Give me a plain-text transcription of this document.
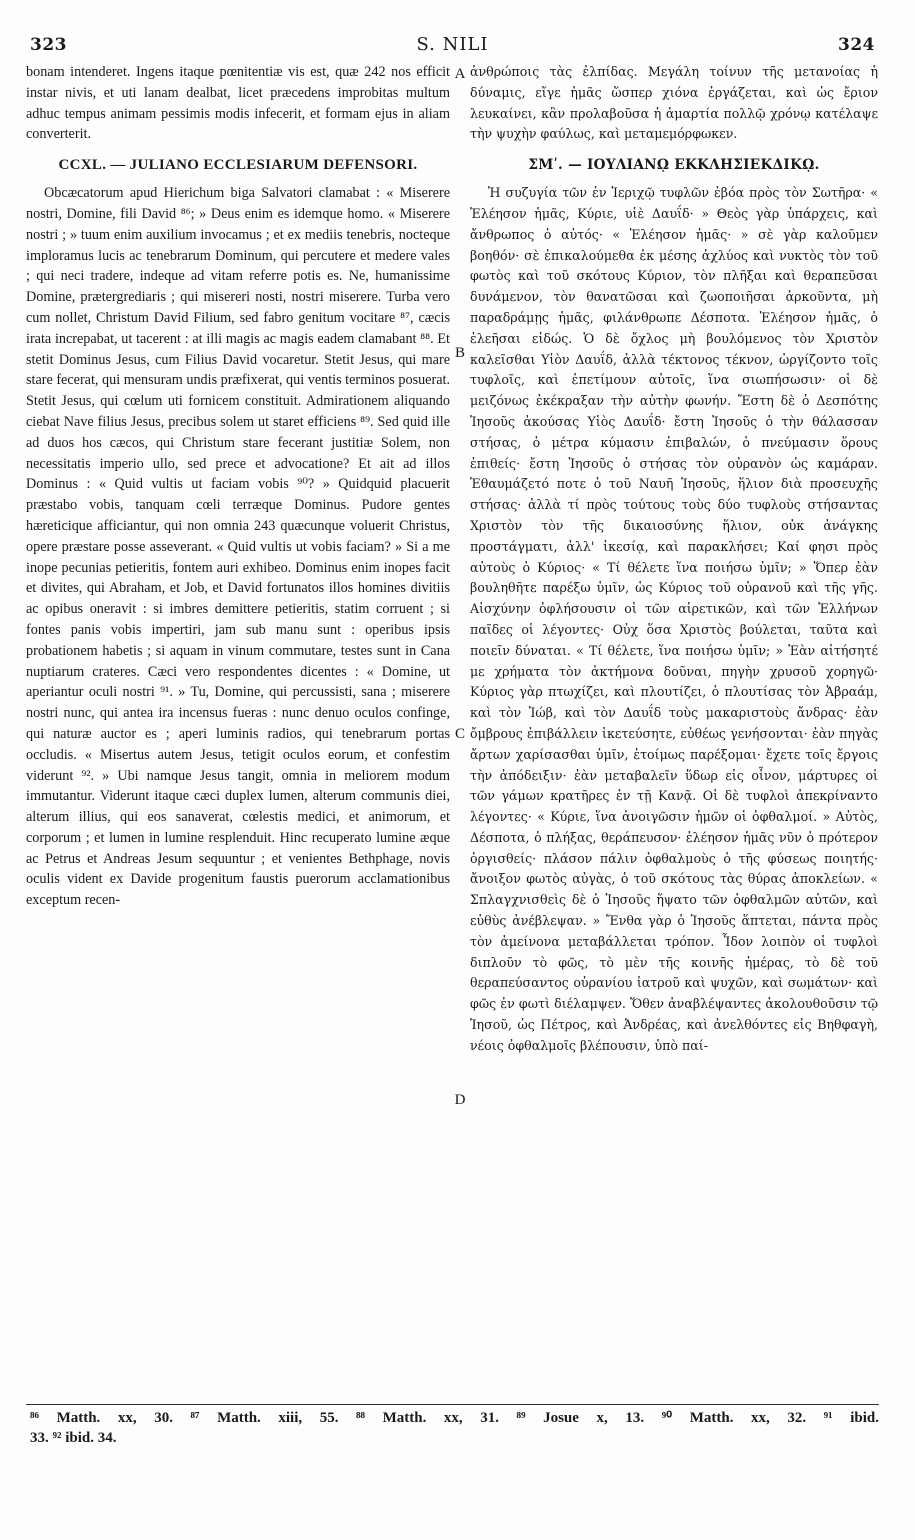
323	S. NILI	324

bonam intenderet. Ingens itaque pœnitentiæ vis est, quæ 242 nos efficit instar nivis, et uti lanam dealbat, licet præcedens improbitas multum adhuc tempus animam pessimis modis infecerit, et formam ejus in aliam converterit.

CCXL. — JULIANO ECCLESIARUM DEFENSORI.

Obcæcatorum apud Hierichum biga Salvatori clamabat : « Miserere nostri, Domine, fili David ⁸⁶; » Deus enim es idemque homo. « Miserere nostri ; » tuum enim auxilium invocamus ; et ex mediis tenebris, nocteque imploramus lucis ac tenebrarum Dominum, qui percutere et medere vales ; qui neci tradere, indeque ad vitam referre potis es. Ne, humanissime Domine, prætergrediaris ; qui misereri nosti, nostri miserere. Turba vero cum nollet, Christum David Filium, sed fabro genitum vocitare ⁸⁷, cæcis irata increpabat, ut tacerent : at illi magis ac magis eadem clamabant ⁸⁸. Et stetit Dominus Jesus, cum Filius David vocaretur. Stetit Jesus, qui mare stare fecerat, qui mensuram undis præfixerat, qui ventis terminos posuerat. Stetit Jesus, qui cœlum uti fornicem constituit. Admirationem aliquando ciebat Nave filius Jesus, precibus solem ut staret efficiens ⁸⁹. Sed quid ille ad duos hos cæcos, qui Christum stare fecerant justitiæ Solem, non necessitatis imperio ullo, sed prece et advocatione? Et ait ad illos Dominus : « Quid vultis ut faciam vobis ⁹⁰? » Quidquid placuerit præstabo vobis, tanquam cœli terræque Dominus. Pudore gentes hæreticique afficiantur, qui non omnia 243 quæcunque voluerit Christus, opere præstare posse asseverant. « Quid vultis ut vobis faciam? » Si a me inope pecunias petieritis, fontem auri exhibeo. Dominus enim inopes facit et divites, qui Abraham, et Job, et David fortunatos illos homines divitiis ac opibus oneravit : si imbres demittere petieritis, statim corruent ; si fontes panis vobis impertiri, jam sub manu sunt : operibus ipsis probationem habetis ; si aquam in vinum commutare, testes sunt in Cana nuptiarum crateres. Cæci vero respondentes dicentes : « Domine, ut aperiantur oculi nostri ⁹¹. » Tu, Domine, qui percussisti, sana ; miserere nostri nunc, qui antea ira incensus fueras : nunc denuo oculos confinge, qui naturæ auctor es ; aperi luminis radios, qui tenebrarum portas occludis. « Misertus autem Jesus, tetigit oculos eorum, et confestim viderunt ⁹². » Ubi namque Jesus tangit, omnia in meliorem modum immutantur. Viderunt itaque cæci duplex lumen, alterum communis diei, alterum illius, qui eos sanaverat, cœlestis medici, et animorum, et corporum ; et lumen in lumine resplenduit. Hinc recuperato lumine æque ac Petrus et Andreas Jesum sequuntur ; et venientes Bethphage, novis oculis vident ex Davide progenitum faustis puerorum acclamationibus exceptum recen-

A
B
C
D

ἀνθρώποις τὰς ἐλπίδας. Μεγάλη τοίνυν τῆς μετανοίας ἡ δύναμις, εἴγε ἡμᾶς ὥσπερ χιόνα ἐργάζεται, καὶ ὡς ἔριον λευκαίνει, κἂν προλαβοῦσα ἡ ἁμαρτία πολλῷ χρόνῳ κατέλαψε τὴν ψυχὴν φαύλως, καὶ μεταμεμόρφωκεν.

ΣΜʹ. — ΙΟΥΛΙΑΝῼ ΕΚΚΛΗΣΙΕΚΔΙΚῼ.

Ἡ συζυγία τῶν ἐν Ἱεριχῷ τυφλῶν ἐβόα πρὸς τὸν Σωτῆρα· « Ἐλέησον ἡμᾶς, Κύριε, υἱὲ Δαυΐδ· » Θεὸς γὰρ ὑπάρχεις, καὶ ἄνθρωπος ὁ αὐτός· « Ἐλέησον ἡμᾶς· » σὲ γὰρ καλοῦμεν βοηθόν· σὲ ἐπικαλούμεθα ἐκ μέσης ἀχλύος καὶ νυκτὸς τὸν τοῦ φωτὸς καὶ τοῦ σκότους Κύριον, τὸν πλῆξαι καὶ θεραπεῦσαι δυνάμενον, τὸν θανατῶσαι καὶ ζωοποιῆσαι ἀρκοῦντα, μὴ παραδράμῃς ἡμᾶς, φιλάνθρωπε Δέσποτα. Ἐλέησον ἡμᾶς, ὁ ἐλεῆσαι εἰδώς. Ὁ δὲ ὄχλος μὴ βουλόμενος τὸν Χριστὸν καλεῖσθαι Υἱὸν Δαυΐδ, ἀλλὰ τέκτονος τέκνον, ὠργίζοντο τοῖς τυφλοῖς, καὶ ἐπετίμουν αὐτοῖς, ἵνα σιωπήσωσιν· οἱ δὲ μειζόνως ἐκέκραξαν τὴν αὐτὴν φωνήν. Ἔστη δὲ ὁ Δεσπότης Ἰησοῦς ἀκούσας Υἱὸς Δαυΐδ· ἔστη Ἰησοῦς ὁ τὴν θάλασσαν στήσας, ὁ μέτρα κύμασιν ἐπιβαλών, ὁ πνεύμασιν ὅρους ἐπιθείς· ἔστη Ἰησοῦς ὁ στήσας τὸν οὐρανὸν ὡς καμάραν. Ἐθαυμάζετό ποτε ὁ τοῦ Ναυῆ Ἰησοῦς, ἥλιον διὰ προσευχῆς στήσας· ἀλλὰ τί πρὸς τούτους τοὺς δύο τυφλοὺς στήσαντας Χριστὸν τὸν τῆς δικαιοσύνης ἥλιον, οὐκ ἀνάγκης προστάγματι, ἀλλ' ἱκεσίᾳ, καὶ παρακλήσει; Καί φησι πρὸς αὐτοὺς ὁ Κύριος· « Τί θέλετε ἵνα ποιήσω ὑμῖν; » Ὅπερ ἐὰν βουληθῆτε παρέξω ὑμῖν, ὡς Κύριος τοῦ οὐρανοῦ καὶ τῆς γῆς. Αἰσχύνην ὀφλήσουσιν οἱ τῶν αἱρετικῶν, καὶ τῶν Ἑλλήνων παῖδες οἱ λέγοντες· Οὐχ ὅσα Χριστὸς βούλεται, ταῦτα καὶ ποιεῖν δύναται. « Τί θέλετε, ἵνα ποιήσω ὑμῖν; » Ἐὰν αἰτήσητέ με χρήματα τὸν ἀκτήμονα δοῦναι, πηγὴν χρυσοῦ χορηγῶ· Κύριος γὰρ πτωχίζει, καὶ πλουτίζει, ὁ πλουτίσας τὸν Ἀβραάμ, καὶ τὸν Ἰώβ, καὶ τὸν Δαυΐδ τοὺς μακαριστοὺς ἄνδρας· ἐὰν ὄμβρους ἐπιβάλλειν ἱκετεύσητε, εὐθέως γενήσονται· ἐὰν πηγὰς ἄρτων χαρίσασθαι ὑμῖν, ἑτοίμως παρέξομαι· ἔχετε τοῖς ἔργοις τὴν ἀπόδειξιν· ἐὰν μεταβαλεῖν ὕδωρ εἰς οἶνον, μάρτυρες οἱ τῶν γάμων κρατῆρες ἐν τῇ Κανᾷ. Οἱ δὲ τυφλοὶ ἀπεκρίναντο λέγοντες· « Κύριε, ἵνα ἀνοιγῶσιν ἡμῶν οἱ ὀφθαλμοί. » Αὐτὸς, Δέσποτα, ὁ πλήξας, θεράπευσον· ἐλέησον ἡμᾶς νῦν ὁ πρότερον ὀργισθείς· πλάσον πάλιν ὀφθαλμοὺς ὁ τῆς φύσεως ποιητής· ἄνοιξον φωτὸς αὐγὰς, ὁ τοῦ σκότους τὰς θύρας ἀποκλείων. « Σπλαγχνισθεὶς δὲ ὁ Ἰησοῦς ἥψατο τῶν ὀφθαλμῶν αὐτῶν, καὶ εὐθὺς ἀνέβλεψαν. » Ἔνθα γὰρ ὁ Ἰησοῦς ἅπτεται, πάντα πρὸς τὸν ἀμείνονα μεταβάλλεται τρόπον. Ἶδον λοιπὸν οἱ τυφλοὶ διπλοῦν τὸ φῶς, τὸ μὲν τῆς κοινῆς ἡμέρας, τὸ δὲ τοῦ θεραπεύσαντος οὐρανίου ἰατροῦ καὶ ψυχῶν, καὶ σωμάτων· καὶ φῶς ἐν φωτὶ διέλαμψεν. Ὅθεν ἀναβλέψαντες ἀκολουθοῦσιν τῷ Ἰησοῦ, ὡς Πέτρος, καὶ Ἀνδρέας, καὶ ἀνελθόντες εἰς Βηθφαγὴ, νέοις ὀφθαλμοῖς βλέπουσιν, ὑπὸ παί-

⁸⁶ Matth. xx, 30. ⁸⁷ Matth. xiii, 55. ⁸⁸ Matth. xx, 31. ⁸⁹ Josue x, 13. ⁹⁰ Matth. xx, 32. ⁹¹ ibid.
33. ⁹² ibid. 34.
